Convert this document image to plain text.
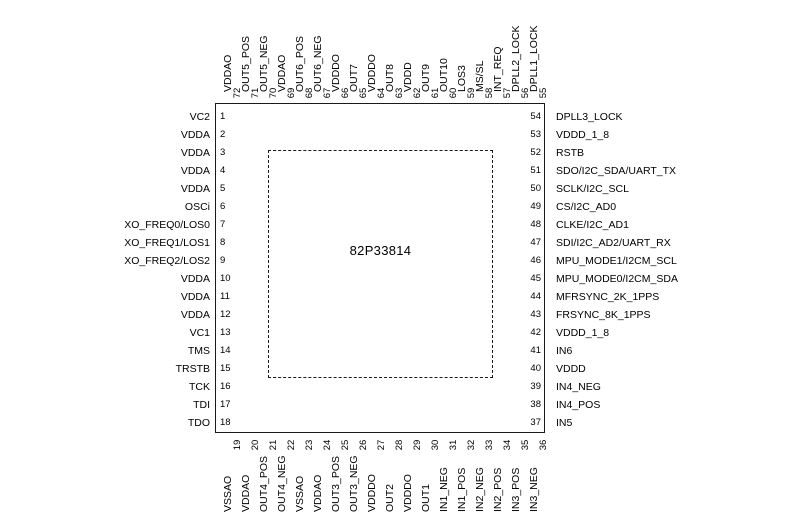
82P33814
1
2
3
4
5
6
7
8
9
10
11
12
13
14
15
16
17
18
VC2
VDDA
VDDA
VDDA
VDDA
OSCi
XO_FREQ0/LOS0
XO_FREQ1/LOS1
XO_FREQ2/LOS2
VDDA
VDDA
VDDA
VC1
TMS
TRSTB
TCK
TDI
TDO
54
53
52
51
50
49
48
47
46
45
44
43
42
41
40
39
38
37
DPLL3_LOCK
VDDD_1_8
RSTB
SDO/I2C_SDA/UART_TX
SCLK/I2C_SCL
CS/I2C_AD0
CLKE/I2C_AD1
SDI/I2C_AD2/UART_RX
MPU_MODE1/I2CM_SCL
MPU_MODE0/I2CM_SDA
MFRSYNC_2K_1PPS
FRSYNC_8K_1PPS
VDDD_1_8
IN6
VDDD
IN4_NEG
IN4_POS
IN5
72 71 70 69 68 67 66 65 64 63 62 61 60 59 58 57 56 55
VDDAO OUT5_POS OUT5_NEG VDDAO OUT6_POS OUT6_NEG VDDDO OUT7 VDDDO OUT8 VDDD OUT9 OUT10 LOS3 MS/SL INT_REQ DPLL2_LOCK DPLL1_LOCK
19 20 21 22 23 24 25 26 27 28 29 30 31 32 33 34 35 36
VSSAO VDDAO OUT4_POS OUT4_NEG VSSAO VDDAO OUT3_POS OUT3_NEG VDDDO OUT2 VDDDO OUT1 IN1_NEG IN1_POS IN2_NEG IN2_POS IN3_POS IN3_NEG
